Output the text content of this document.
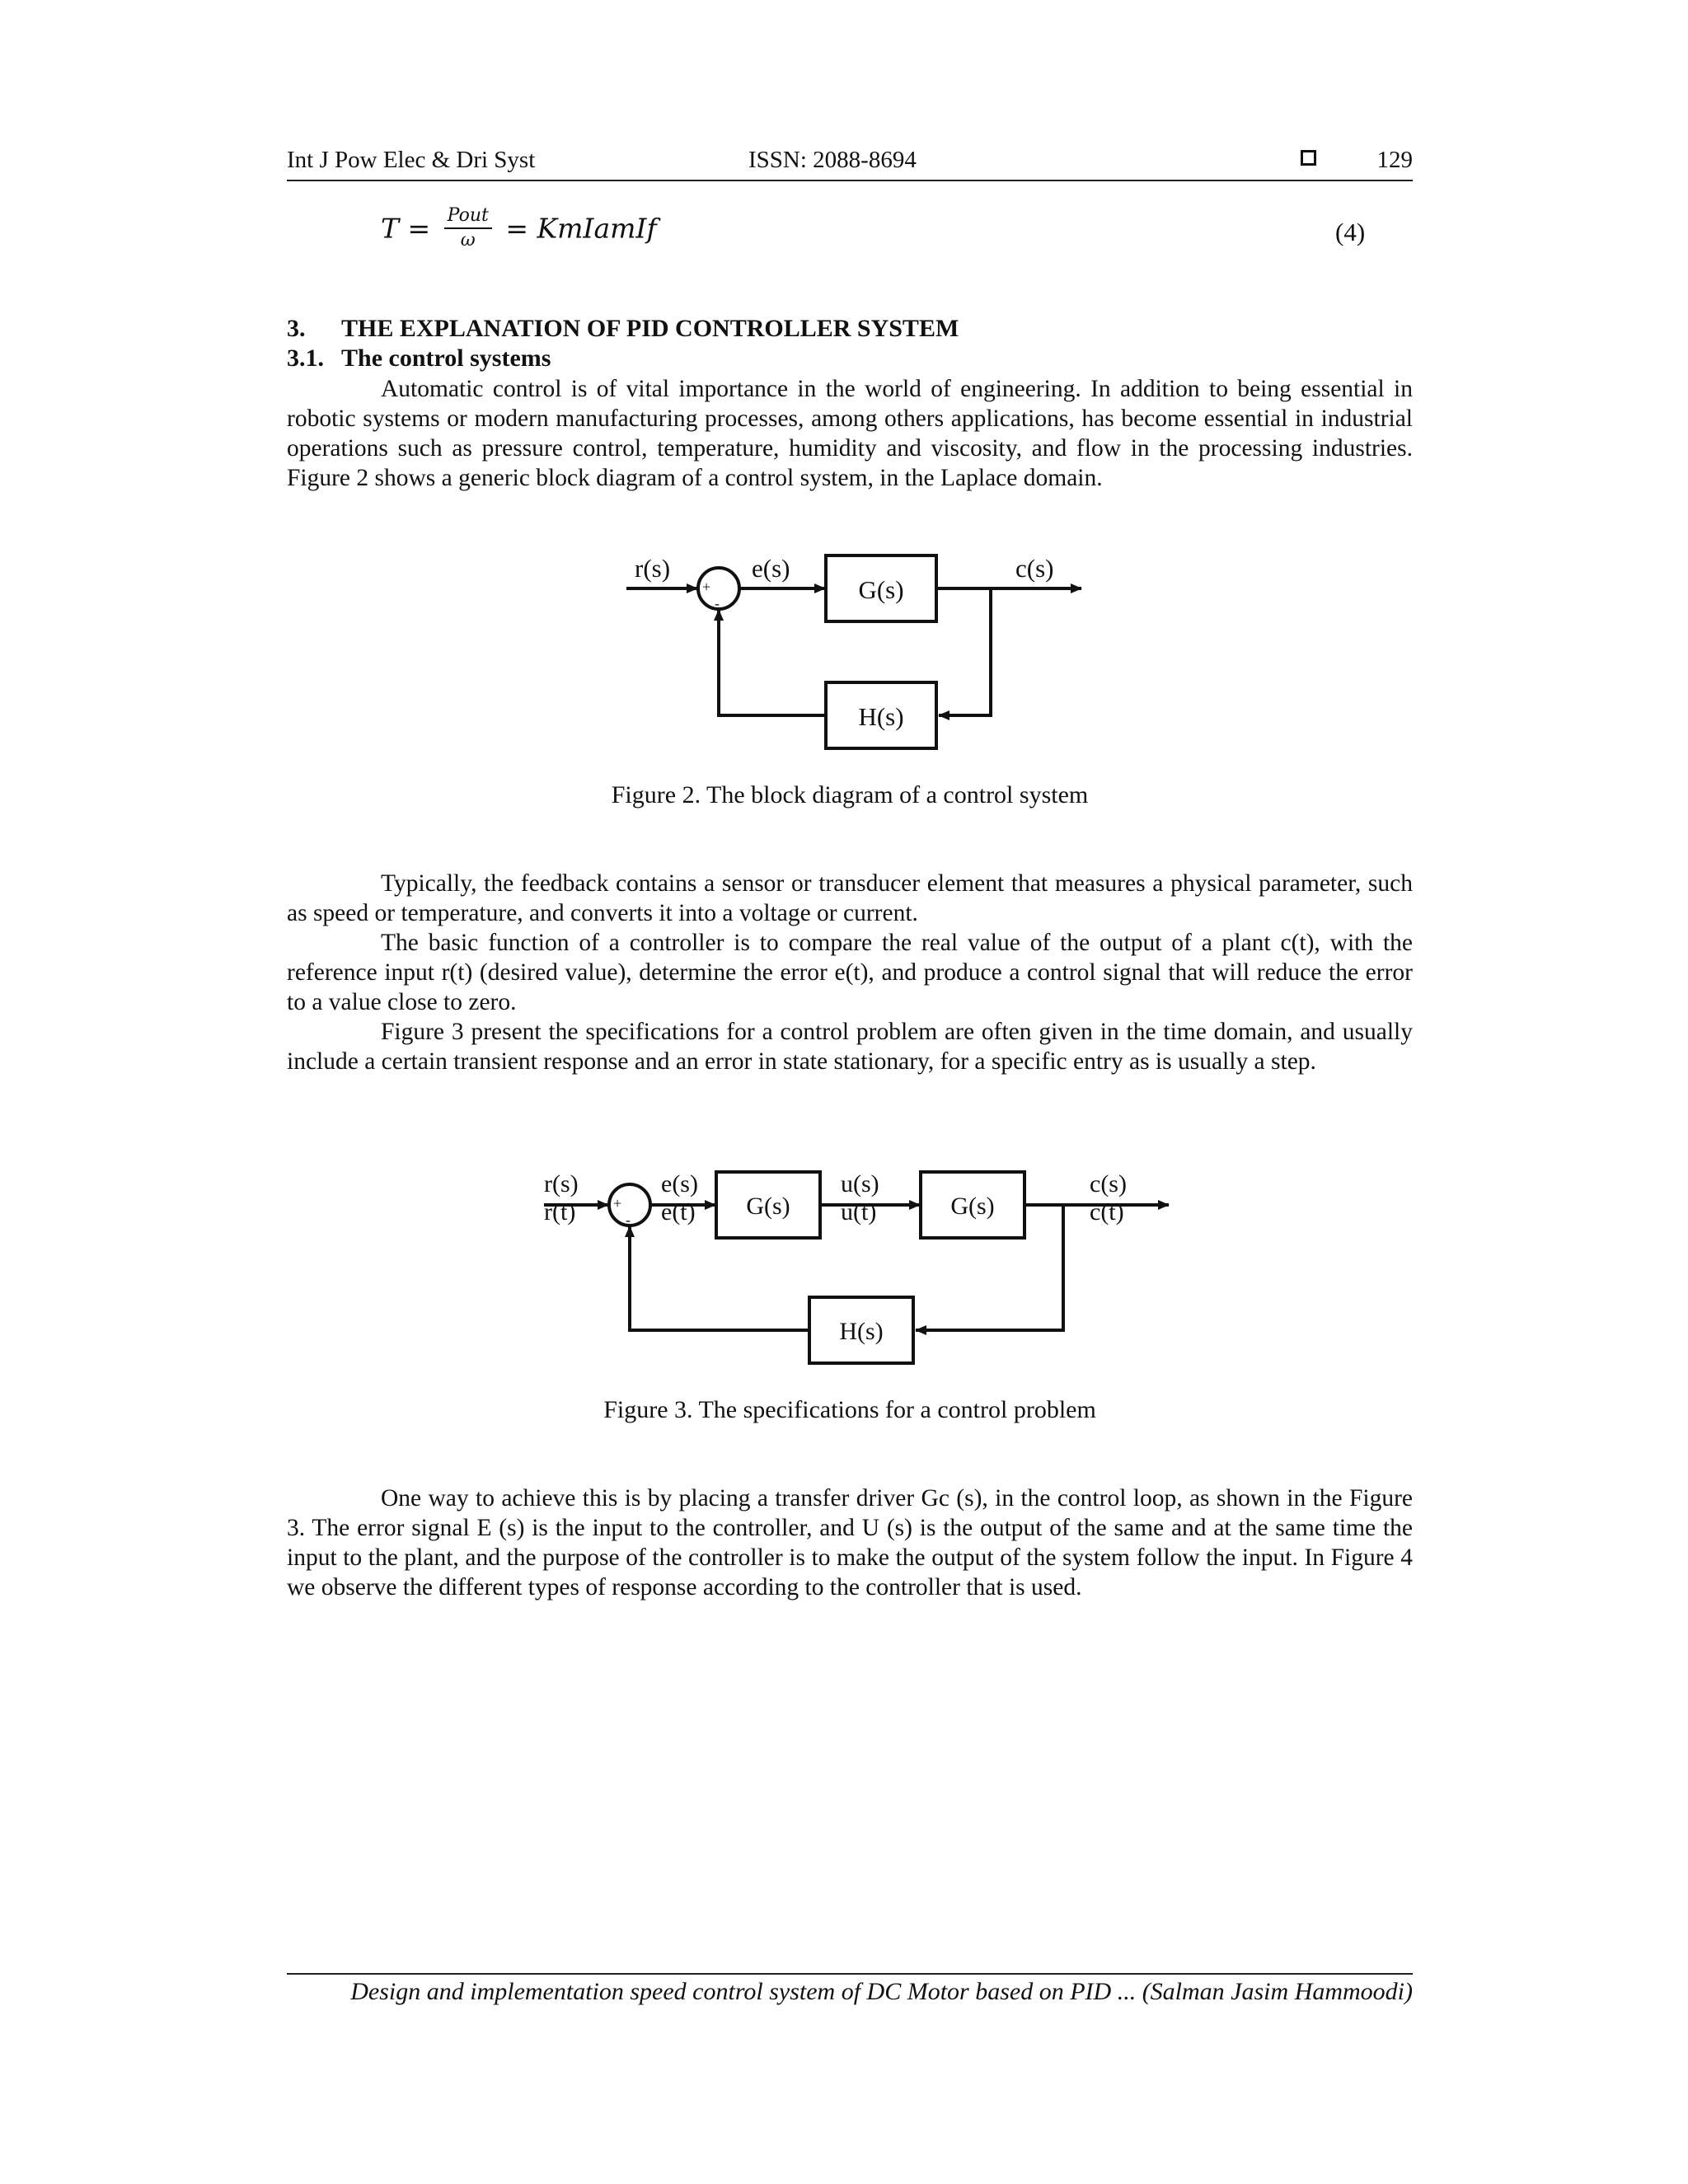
Int J Pow Elec & Dri Syst	ISSN: 2088-8694	129
$T = \frac{\text{Pout}}{\omega}$ = KmIamIf	(4)
3. THE EXPLANATION OF PID CONTROLLER SYSTEM
3.1. The control systems

Automatic control is of vital importance in the world of engineering. In addition to being essential in robotic systems or modern manufacturing processes, among others applications, has become essential in industrial operations such as pressure control, temperature, humidity and viscosity, and flow in the processing industries. Figure 2 shows a generic block diagram of a control system, in the Laplace domain.

r(s)	e(s)
G(s)
c(s)
H(s)
+
-
Figure 2. The block diagram of a control system

Typically, the feedback contains a sensor or transducer element that measures a physical parameter, such as speed or temperature, and converts it into a voltage or current.

The basic function of a controller is to compare the real value of the output of a plant c(t), with the reference input r(t) (desired value), determine the error e(t), and produce a control signal that will reduce the error to a value close to zero.

Figure 3 present the specifications for a control problem are often given in the time domain, and usually include a certain transient response and an error in state stationary, for a specific entry as is usually a step.

r(s)
r(t)
e(s)
e(t) G(s)
u(s)
u(t)	G(s)
c(s)
c(t)
H(s)
+
-
Figure 3. The specifications for a control problem

One way to achieve this is by placing a transfer driver Gc (s), in the control loop, as shown in the Figure 3. The error signal E (s) is the input to the controller, and U (s) is the output of the same and at the same time the input to the plant, and the purpose of the controller is to make the output of the system follow the input. In Figure 4 we observe the different types of response according to the controller that is used.

Design and implementation speed control system of DC Motor based on PID ... (Salman Jasim Hammoodi)
